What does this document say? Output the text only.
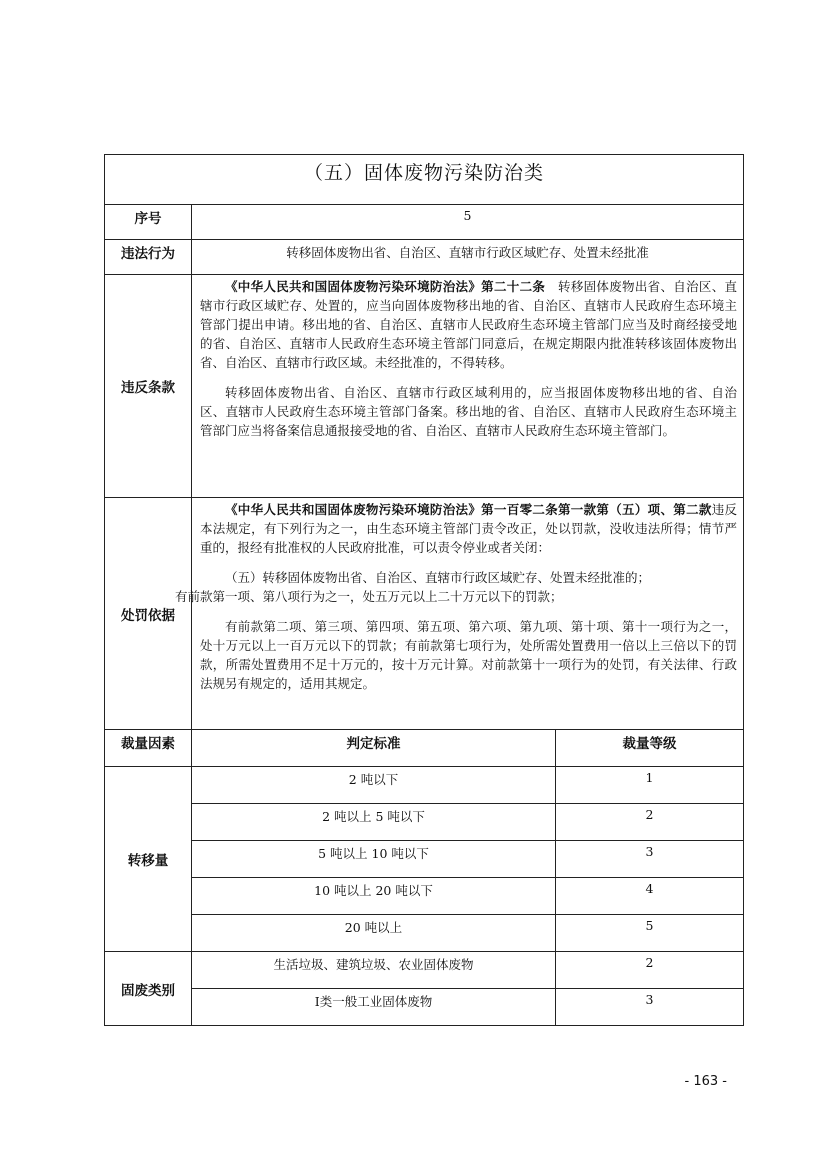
（五）固体废物污染防治类		
序号	5	
违法行为	转移固体废物出省、自治区、直辖市行政区域贮存、处置未经批准	
违反条款	《中华人民共和国固体废物污染环境防治法》第二十二条　转移固体废物出省、自治区、直辖市行政区域贮存、处置的，应当向固体废物移出地的省、自治区、直辖市人民政府生态环境主管部门提出申请。移出地的省、自治区、直辖市人民政府生态环境主管部门应当及时商经接受地的省、自治区、直辖市人民政府生态环境主管部门同意后，在规定期限内批准转移该固体废物出省、自治区、直辖市行政区域。未经批准的，不得转移。

转移固体废物出省、自治区、直辖市行政区域利用的，应当报固体废物移出地的省、自治区、直辖市人民政府生态环境主管部门备案。移出地的省、自治区、直辖市人民政府生态环境主管部门应当将备案信息通报接受地的省、自治区、直辖市人民政府生态环境主管部门。	

处罚依据	《中华人民共和国固体废物污染环境防治法》第一百零二条第一款第（五）项、第二款违反本法规定，有下列行为之一，由生态环境主管部门责令改正，处以罚款，没收违法所得；情节严重的，报经有批准权的人民政府批准，可以责令停业或者关闭：

（五）转移固体废物出省、自治区、直辖市行政区域贮存、处置未经批准的；
有前款第一项、第八项行为之一，处五万元以上二十万元以下的罚款；

有前款第二项、第三项、第四项、第五项、第六项、第九项、第十项、第十一项行为之一，处十万元以上一百万元以下的罚款；有前款第七项行为，处所需处置费用一倍以上三倍以下的罚款，所需处置费用不足十万元的，按十万元计算。对前款第十一项行为的处罚，有关法律、行政法规另有规定的，适用其规定。	

裁量因素	判定标准	裁量等级
转移量	2 吨以下	1
	2 吨以上 5 吨以下	2
	5 吨以上 10 吨以下	3
	10 吨以上 20 吨以下	4
	20 吨以上	5
固废类别	生活垃圾、建筑垃圾、农业固体废物	2
	Ⅰ类一般工业固体废物	3
- 163 -
